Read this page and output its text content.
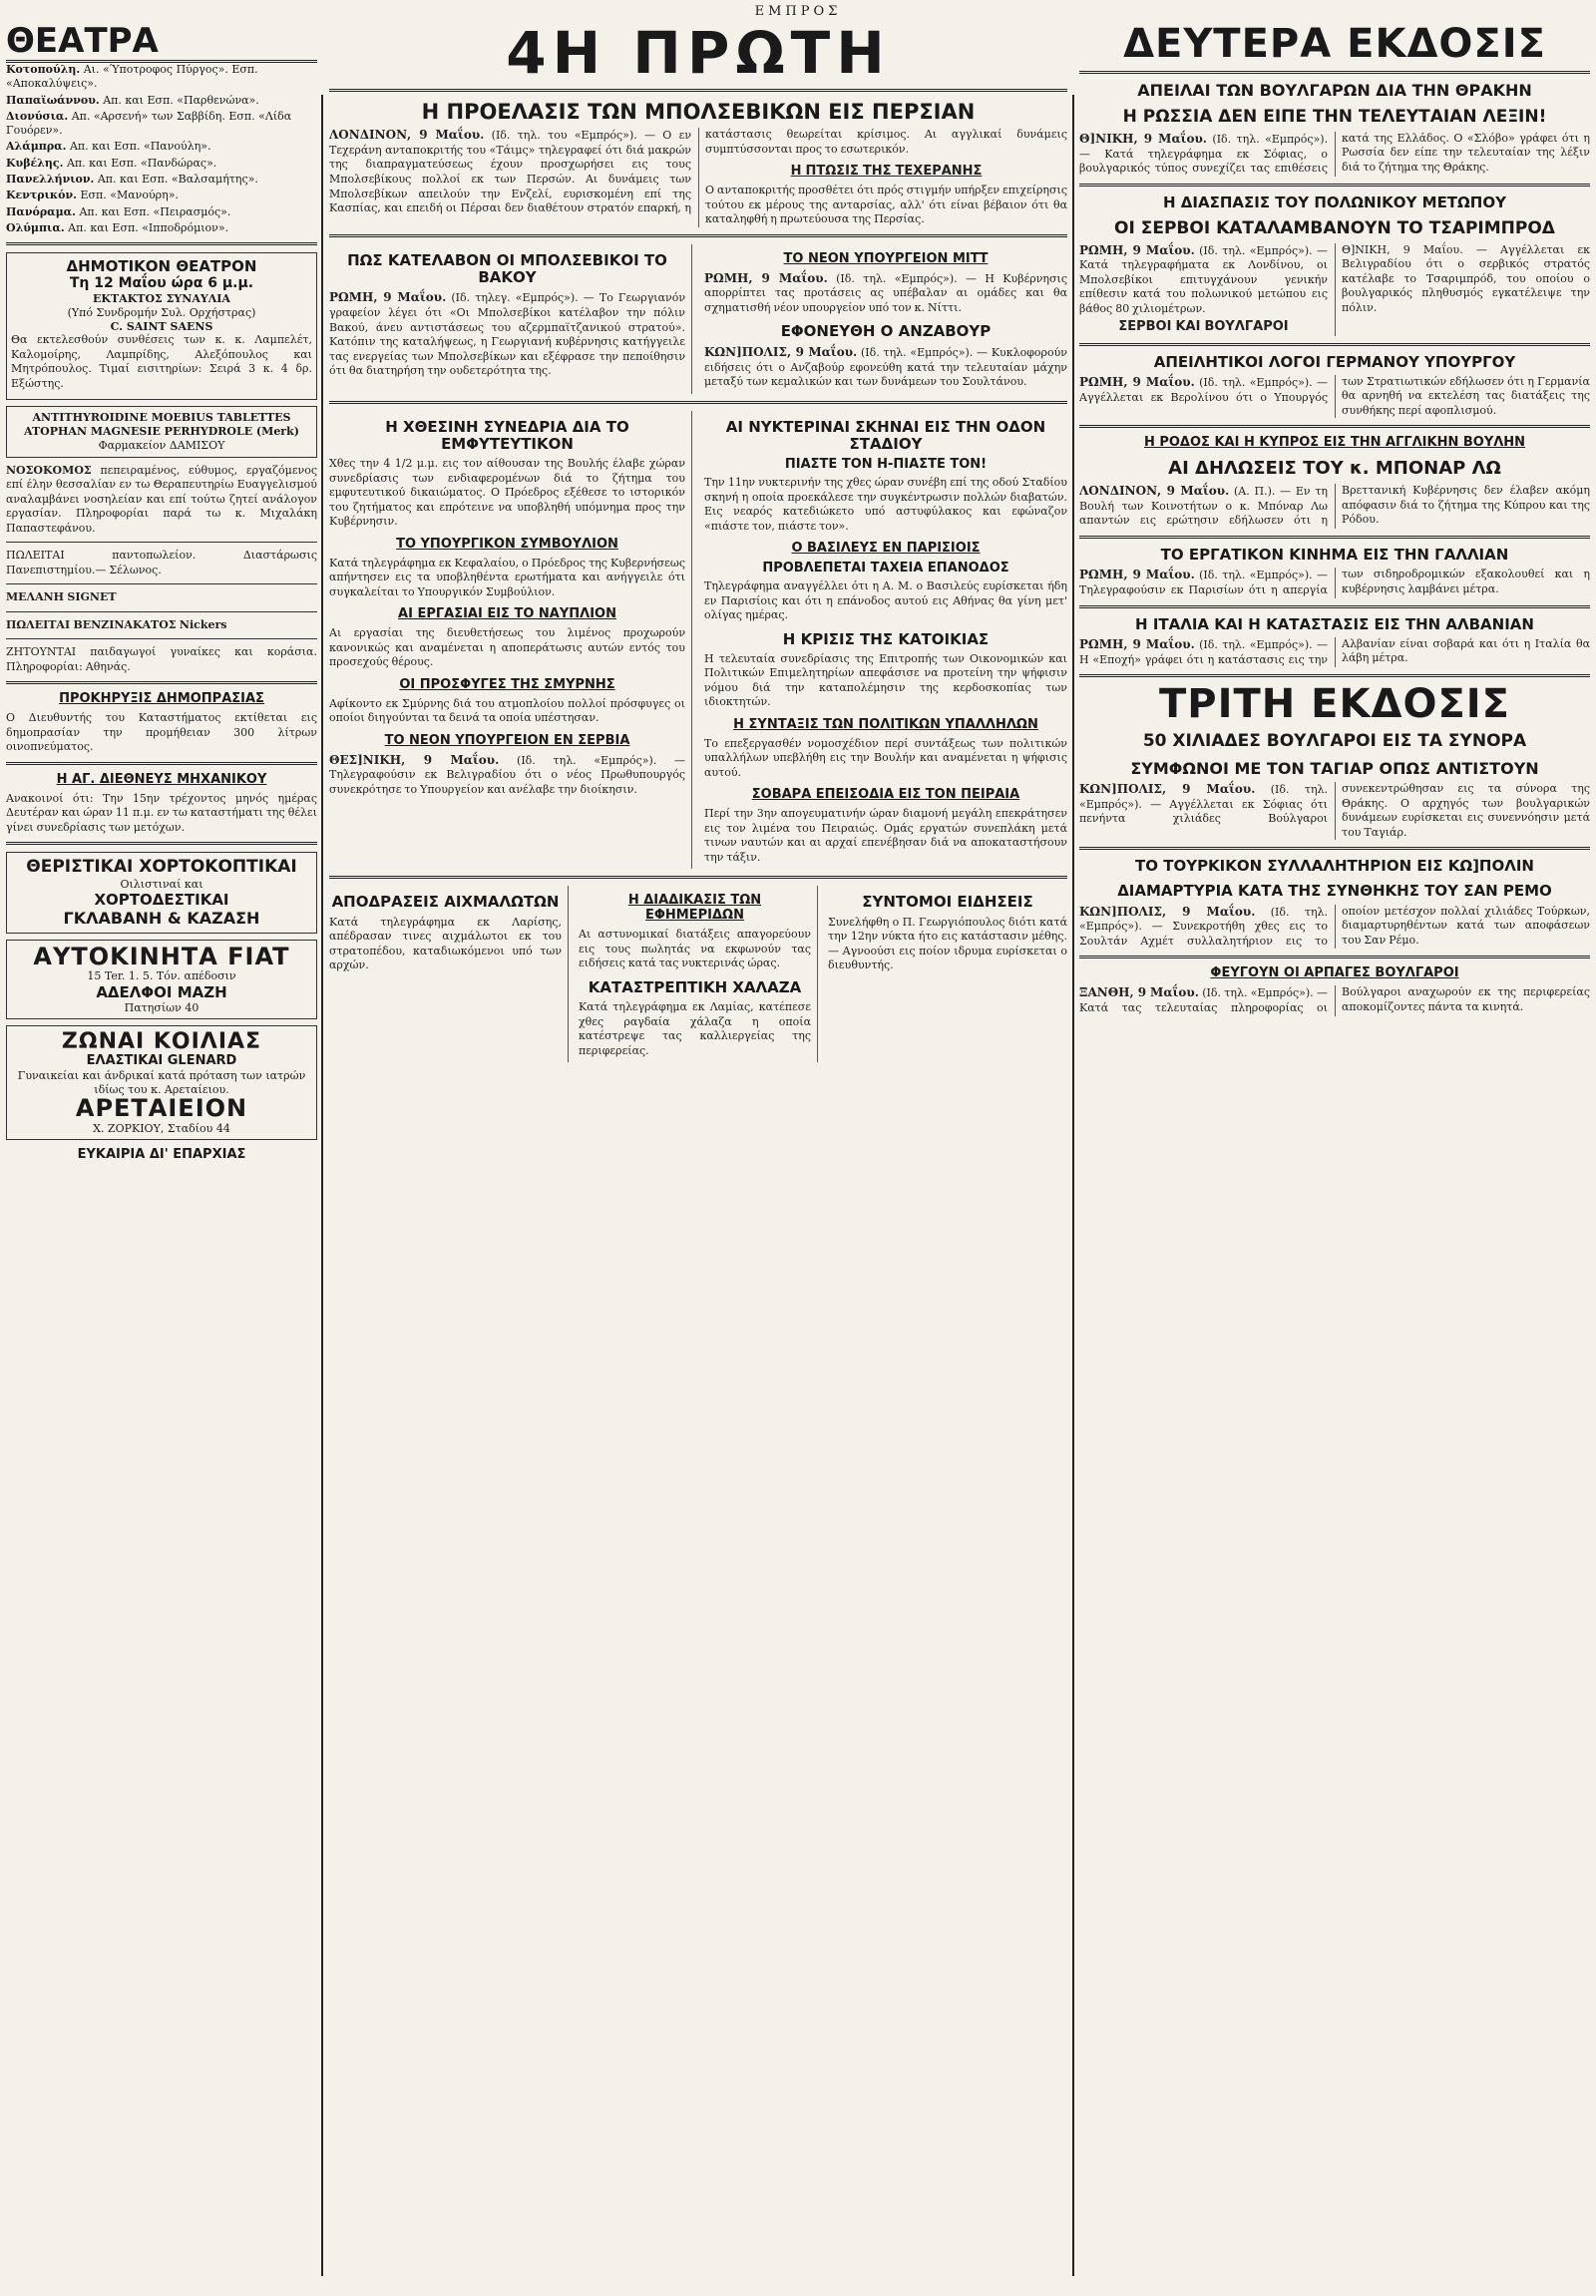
ΕΜΠΡΟΣ
ΘΕΑΤΡΑ
Κοτοπούλη. Αι. «Ύποτροφος Πύργος». Εσπ. «Αποκαλύψεις».
Παπαϊωάννου. Απ. και Εσπ. «Παρθενώνα».
Διονύσια. Απ. «Αρσενή» των Σαββίδη. Εσπ. «Λίδα Γουόρεν».
Αλάμπρα. Απ. και Εσπ. «Πανούλη».
Κυβέλης. Απ. και Εσπ. «Πανδώρας».
Πανελλήνιον. Απ. και Εσπ. «Βαλσαμήτης».
Κεντρικόν. Εσπ. «Μανούρη».
Πανόραμα. Απ. και Εσπ. «Πειρασμός».
Ολύμπια. Απ. και Εσπ. «Ιπποδρόμιον».
ΔΗΜΟΤΙΚΟΝ ΘΕΑΤΡΟΝ
Τη 12 Μαΐου ώρα 6 μ.μ.
ΕΚΤΑΚΤΟΣ ΣΥΝΑΥΛΙΑ
(Υπό Συνδρομήν Συλ. Ορχήστρας)
C. SAINT SAENS
Θα εκτελεσθούν συνθέσεις των κ. κ. Λαμπελέτ, Καλομοίρης, Λαμπρίδης, Αλεξόπουλος και Μητρόπουλος. Τιμαί εισιτηρίων: Σειρά 3 κ. 4 δρ. Εξώστης.
ANTITHYROIDINE MOEBIUS TABLETTES ATOPHAN MAGNESIE PERHYDROLE (Merk)
Φαρμακείον ΔΑΜΙΣΟΥ
ΝΟΣΟΚΟΜΟΣ πεπειραμένος, εύθυμος, εργαζόμενος επί έλην θεσσαλίαν εν τω Θεραπευτηρίω Ευαγγελισμού αναλαμβάνει νοσηλείαν και επί τούτω ζητεί ανάλογον εργασίαν. Πληροφορίαι παρά τω κ. Μιχαλάκη Παπαστεφάνου.
ΠΩΛΕΙΤΑΙ παντοπωλείον. Διαστάρωσις Πανεπιστημίου.— Σέλωνος.
ΜΕΛΑΝΗ SIGNET
ΠΩΛΕΙΤΑΙ ΒΕΝΖΙΝΑΚΑΤΟΣ Νickers
ΖΗΤΟΥΝΤΑΙ παιδαγωγοί γυναίκες και κοράσια. Πληροφορίαι: Αθηνάς.
ΠΡΟΚΗΡΥΞΙΣ ΔΗΜΟΠΡΑΣΙΑΣ
Ο Διευθυντής του Καταστήματος εκτίθεται εις δημοπρασίαν την προμήθειαν 300 λίτρων οινοπνεύματος.
Η ΑΓ. ΔΙΕΘΝΕΥΣ ΜΗΧΑΝΙΚΟΥ
Ανακοινοί ότι: Την 15ην τρέχοντος μηνός ημέρας Δευτέραν και ώραν 11 π.μ. εν τω καταστήματι της θέλει γίνει συνεδρίασις των μετόχων.
ΘΕΡΙΣΤΙΚΑΙ ΧΟΡΤΟΚΟΠΤΙΚΑΙ
Οιλιστιναί και
ΧΟΡΤΟΔΕΣΤΙΚΑΙ
ΓΚΛΑΒΑΝΗ & ΚΑΖΑΣΗ
ΑΥΤΟΚΙΝΗΤΑ FIAT
15 Ter. 1. 5. Τόν. απέδοσιν
ΑΔΕΛΦΟΙ ΜΑΖΗ
Πατησίων 40
ΖΩΝΑΙ ΚΟΙΛΙΑΣ
ΕΛΑΣΤΙΚΑΙ GLENARD
Γυναικείαι και άνδρικαί κατά πρόταση των ιατρών ιδίως του κ. Αρεταίειου.
ΑΡΕΤΑΙΕΙΟΝ
Χ. ΖΟΡΚΙΟΥ, Σταδίου 44
ΕΥΚΑΙΡΙΑ ΔΙ' ΕΠΑΡΧΙΑΣ
4Η ΠΡΩΤΗ
Η ΠΡΟΕΛΑΣΙΣ ΤΩΝ ΜΠΟΛΣΕΒΙΚΩΝ ΕΙΣ ΠΕΡΣΙΑΝ
ΛΟΝΔΙΝΟΝ, 9 Μαΐου. (Ιδ. τηλ. του «Εμπρός»). — Ο εν Τεχεράνη ανταποκριτής του «Τάιμς» τηλεγραφεί ότι διά μακρών της διαπραγματεύσεως έχουν προσχωρήσει εις τους Μπολσεβίκους πολλοί εκ των Περσών. Αι δυνάμεις των Μπολσεβίκων απειλούν την Ενζελί, ευρισκομένη επί της Κασπίας, και επειδή οι Πέρσαι δεν διαθέτουν στρατόν επαρκή, η κατάστασις θεωρείται κρίσιμος. Αι αγγλικαί δυνάμεις συμπτύσσονται προς το εσωτερικόν.
Η ΠΤΩΣΙΣ ΤΗΣ ΤΕΧΕΡΑΝΗΣ
Ο ανταποκριτής προσθέτει ότι πρός στιγμήν υπήρξεν επιχείρησις τούτου εκ μέρους της ανταρσίας, αλλ' ότι είναι βέβαιον ότι θα καταληφθή η πρωτεύουσα της Περσίας.
ΠΩΣ ΚΑΤΕΛΑΒΟΝ ΟΙ ΜΠΟΛΣΕΒΙΚΟΙ ΤΟ ΒΑΚΟΥ
ΡΩΜΗ, 9 Μαΐου. (Ιδ. τηλεγ. «Εμπρός»). — Το Γεωργιανόν γραφείον λέγει ότι «Οι Μπολσεβίκοι κατέλαβον την πόλιν Βακού, άνευ αντιστάσεως του αζερμπαϊτζανικού στρατού». Κατόπιν της καταλήψεως, η Γεωργιανή κυβέρνησις κατήγγειλε τας ενεργείας των Μπολσεβίκων και εξέφρασε την πεποίθησιν ότι θα διατηρήση την ουδετερότητα της.
ΤΟ ΝΕΟΝ ΥΠΟΥΡΓΕΙΟΝ ΜΙΤΤ
ΡΩΜΗ, 9 Μαΐου. (Ιδ. τηλ. «Εμπρός»). — Η Κυβέρνησις απορρίπτει τας προτάσεις ας υπέβαλαν αι ομάδες και θα σχηματισθή νέον υπουργείον υπό τον κ. Νίττι.
ΕΦΟΝΕΥΘΗ Ο ΑΝΖΑΒΟΥΡ
ΚΩΝ]ΠΟΛΙΣ, 9 Μαΐου. (Ιδ. τηλ. «Εμπρός»). — Κυκλοφορούν ειδήσεις ότι ο Ανζαβούρ εφονεύθη κατά την τελευταίαν μάχην μεταξύ των κεμαλικών και των δυνάμεων του Σουλτάνου.
Η ΧΘΕΣΙΝΗ ΣΥΝΕΔΡΙΑ ΔΙΑ ΤΟ ΕΜΦΥΤΕΥΤΙΚΟΝ
Χθες την 4 1/2 μ.μ. εις τον αίθουσαν της Βουλής έλαβε χώραν συνεδρίασις των ενδιαφερομένων διά το ζήτημα του εμφυτευτικού δικαιώματος. Ο Πρόεδρος εξέθεσε το ιστορικόν του ζητήματος και επρότεινε να υποβληθή υπόμνημα προς την Κυβέρνησιν.
ΤΟ ΥΠΟΥΡΓΙΚΟΝ ΣΥΜΒΟΥΛΙΟΝ
Κατά τηλεγράφημα εκ Κεφαλαίου, ο Πρόεδρος της Κυβερνήσεως απήντησεν εις τα υποβληθέντα ερωτήματα και ανήγγειλε ότι συγκαλείται το Υπουργικόν Συμβούλιον.
ΑΙ ΕΡΓΑΣΙΑΙ ΕΙΣ ΤΟ ΝΑΥΠΛΙΟΝ
Αι εργασίαι της διευθετήσεως του λιμένος προχωρούν κανονικώς και αναμένεται η αποπεράτωσις αυτών εντός του προσεχούς θέρους.
ΟΙ ΠΡΟΣΦΥΓΕΣ ΤΗΣ ΣΜΥΡΝΗΣ
Αφίκοντο εκ Σμύρνης διά του ατμοπλοίου πολλοί πρόσφυγες οι οποίοι διηγούνται τα δεινά τα οποία υπέστησαν.
ΤΟ ΝΕΟΝ ΥΠΟΥΡΓΕΙΟΝ ΕΝ ΣΕΡΒΙΑ
ΘΕΣ]ΝΙΚΗ, 9 Μαΐου. (Ιδ. τηλ. «Εμπρός»). — Τηλεγραφούσιν εκ Βελιγραδίου ότι ο νέος Πρωθυπουργός συνεκρότησε το Υπουργείον και ανέλαβε την διοίκησιν.
ΑΙ ΝΥΚΤΕΡΙΝΑΙ ΣΚΗΝΑΙ ΕΙΣ ΤΗΝ ΟΔΟΝ ΣΤΑΔΙΟΥ
ΠΙΑΣΤΕ ΤΟΝ Η-ΠΙΑΣΤΕ ΤΟΝ!
Την 11ην νυκτερινήν της χθες ώραν συνέβη επί της οδού Σταδίου σκηνή η οποία προεκάλεσε την συγκέντρωσιν πολλών διαβατών. Εις νεαρός κατεδιώκετο υπό αστυφύλακος και εφώναζον «πιάστε τον, πιάστε τον».
Ο ΒΑΣΙΛΕΥΣ ΕΝ ΠΑΡΙΣΙΟΙΣ
ΠΡΟΒΛΕΠΕΤΑΙ ΤΑΧΕΙΑ ΕΠΑΝΟΔΟΣ
Τηλεγράφημα αναγγέλλει ότι η Α. Μ. ο Βασιλεύς ευρίσκεται ήδη εν Παρισίοις και ότι η επάνοδος αυτού εις Αθήνας θα γίνη μετ' ολίγας ημέρας.
Η ΚΡΙΣΙΣ ΤΗΣ ΚΑΤΟΙΚΙΑΣ
Η τελευταία συνεδρίασις της Επιτροπής των Οικονομικών και Πολιτικών Επιμελητηρίων απεφάσισε να προτείνη την ψήφισιν νόμου διά την καταπολέμησιν της κερδοσκοπίας των ιδιοκτητών.
Η ΣΥΝΤΑΞΙΣ ΤΩΝ ΠΟΛΙΤΙΚΩΝ ΥΠΑΛΛΗΛΩΝ
Το επεξεργασθέν νομοσχέδιον περί συντάξεως των πολιτικών υπαλλήλων υπεβλήθη εις την Βουλήν και αναμένεται η ψήφισις αυτού.
ΣΟΒΑΡΑ ΕΠΕΙΣΟΔΙΑ ΕΙΣ ΤΟΝ ΠΕΙΡΑΙΑ
Περί την 3ην απογευματινήν ώραν διαμονή μεγάλη επεκράτησεν εις τον λιμένα του Πειραιώς. Ομάς εργατών συνεπλάκη μετά τινων ναυτών και αι αρχαί επενέβησαν διά να αποκαταστήσουν την τάξιν.
ΑΠΟΔΡΑΣΕΙΣ ΑΙΧΜΑΛΩΤΩΝ
Κατά τηλεγράφημα εκ Λαρίσης, απέδρασαν τινες αιχμάλωτοι εκ του στρατοπέδου, καταδιωκόμενοι υπό των αρχών.
Η ΔΙΑΔΙΚΑΣΙΣ ΤΩΝ ΕΦΗΜΕΡΙΔΩΝ
Αι αστυνομικαί διατάξεις απαγορεύουν εις τους πωλητάς να εκφωνούν τας ειδήσεις κατά τας νυκτερινάς ώρας.
ΚΑΤΑΣΤΡΕΠΤΙΚΗ ΧΑΛΑΖΑ
Κατά τηλεγράφημα εκ Λαμίας, κατέπεσε χθες ραγδαία χάλαζα η οποία κατέστρεψε τας καλλιεργείας της περιφερείας.
ΣΥΝΤΟΜΟΙ ΕΙΔΗΣΕΙΣ
Συνελήφθη ο Π. Γεωργιόπουλος διότι κατά την 12ην νύκτα ήτο εις κατάστασιν μέθης. — Αγνοούσι εις ποίον ιδρυμα ευρίσκεται ο διευθυντής.
ΔΕΥΤΕΡΑ ΕΚΔΟΣΙΣ
ΑΠΕΙΛΑΙ ΤΩΝ ΒΟΥΛΓΑΡΩΝ ΔΙΑ ΤΗΝ ΘΡΑΚΗΝ
Η ΡΩΣΣΙΑ ΔΕΝ ΕΙΠΕ ΤΗΝ ΤΕΛΕΥΤΑΙΑΝ ΛΕΞΙΝ!
Θ]ΝΙΚΗ, 9 Μαΐου. (Ιδ. τηλ. «Εμπρός»). — Κατά τηλεγράφημα εκ Σόφιας, ο βουλγαρικός τύπος συνεχίζει τας επιθέσεις κατά της Ελλάδος. Ο «Σλόβο» γράφει ότι η Ρωσσία δεν είπε την τελευταίαν της λέξιν διά το ζήτημα της Θράκης.
Η ΔΙΑΣΠΑΣΙΣ ΤΟΥ ΠΟΛΩΝΙΚΟΥ ΜΕΤΩΠΟΥ
ΟΙ ΣΕΡΒΟΙ ΚΑΤΑΛΑΜΒΑΝΟΥΝ ΤΟ ΤΣΑΡΙΜΠΡΟΔ
ΡΩΜΗ, 9 Μαΐου. (Ιδ. τηλ. «Εμπρός»). — Κατά τηλεγραφήματα εκ Λονδίνου, οι Μπολσεβίκοι επιτυγχάνουν γενικήν επίθεσιν κατά του πολωνικού μετώπου εις βάθος 80 χιλιομέτρων.
ΣΕΡΒΟΙ ΚΑΙ ΒΟΥΛΓΑΡΟΙ
Θ]ΝΙΚΗ, 9 Μαΐου. — Αγγέλλεται εκ Βελιγραδίου ότι ο σερβικός στρατός κατέλαβε το Τσαριμπρόδ, του οποίου ο βουλγαρικός πληθυσμός εγκατέλειψε την πόλιν.
ΑΠΕΙΛΗΤΙΚΟΙ ΛΟΓΟΙ ΓΕΡΜΑΝΟΥ ΥΠΟΥΡΓΟΥ
ΡΩΜΗ, 9 Μαΐου. (Ιδ. τηλ. «Εμπρός»). — Αγγέλλεται εκ Βερολίνου ότι ο Υπουργός των Στρατιωτικών εδήλωσεν ότι η Γερμανία θα αρνηθή να εκτελέση τας διατάξεις της συνθήκης περί αφοπλισμού.
Η ΡΟΔΟΣ ΚΑΙ Η ΚΥΠΡΟΣ ΕΙΣ ΤΗΝ ΑΓΓΛΙΚΗΝ ΒΟΥΛΗΝ
ΑΙ ΔΗΛΩΣΕΙΣ ΤΟΥ κ. ΜΠΟΝΑΡ ΛΩ
ΛΟΝΔΙΝΟΝ, 9 Μαΐου. (Α. Π.). — Εν τη Βουλή των Κοινοτήτων ο κ. Μπόναρ Λω απαντών εις ερώτησιν εδήλωσεν ότι η Βρεττανική Κυβέρνησις δεν έλαβεν ακόμη απόφασιν διά το ζήτημα της Κύπρου και της Ρόδου.
ΤΟ ΕΡΓΑΤΙΚΟΝ ΚΙΝΗΜΑ ΕΙΣ ΤΗΝ ΓΑΛΛΙΑΝ
ΡΩΜΗ, 9 Μαΐου. (Ιδ. τηλ. «Εμπρός»). — Τηλεγραφούσιν εκ Παρισίων ότι η απεργία των σιδηροδρομικών εξακολουθεί και η κυβέρνησις λαμβάνει μέτρα.
Η ΙΤΑΛΙΑ ΚΑΙ Η ΚΑΤΑΣΤΑΣΙΣ ΕΙΣ ΤΗΝ ΑΛΒΑΝΙΑΝ
ΡΩΜΗ, 9 Μαΐου. (Ιδ. τηλ. «Εμπρός»). — Η «Εποχή» γράφει ότι η κατάστασις εις την Αλβανίαν είναι σοβαρά και ότι η Ιταλία θα λάβη μέτρα.
ΤΡΙΤΗ ΕΚΔΟΣΙΣ
50 ΧΙΛΙΑΔΕΣ ΒΟΥΛΓΑΡΟΙ ΕΙΣ ΤΑ ΣΥΝΟΡΑ
ΣΥΜΦΩΝΟΙ ΜΕ ΤΟΝ ΤΑΓΙΑΡ ΟΠΩΣ ΑΝΤΙΣΤΟΥΝ
ΚΩΝ]ΠΟΛΙΣ, 9 Μαΐου. (Ιδ. τηλ. «Εμπρός»). — Αγγέλλεται εκ Σόφιας ότι πενήντα χιλιάδες Βούλγαροι συνεκεντρώθησαν εις τα σύνορα της Θράκης. Ο αρχηγός των βουλγαρικών δυνάμεων ευρίσκεται εις συνεννόησιν μετά του Ταγιάρ.
ΤΟ ΤΟΥΡΚΙΚΟΝ ΣΥΛΛΑΛΗΤΗΡΙΟΝ ΕΙΣ ΚΩ]ΠΟΛΙΝ
ΔΙΑΜΑΡΤΥΡΙΑ ΚΑΤΑ ΤΗΣ ΣΥΝΘΗΚΗΣ ΤΟΥ ΣΑΝ ΡΕΜΟ
ΚΩΝ]ΠΟΛΙΣ, 9 Μαΐου. (Ιδ. τηλ. «Εμπρός»). — Συνεκροτήθη χθες εις το Σουλτάν Αχμέτ συλλαλητήριον εις το οποίον μετέσχον πολλαί χιλιάδες Τούρκων, διαμαρτυρηθέντων κατά των αποφάσεων του Σαν Ρέμο.
ΦΕΥΓΟΥΝ ΟΙ ΑΡΠΑΓΕΣ ΒΟΥΛΓΑΡΟΙ
ΞΑΝΘΗ, 9 Μαΐου. (Ιδ. τηλ. «Εμπρός»). — Κατά τας τελευταίας πληροφορίας οι Βούλγαροι αναχωρούν εκ της περιφερείας αποκομίζοντες πάντα τα κινητά.
